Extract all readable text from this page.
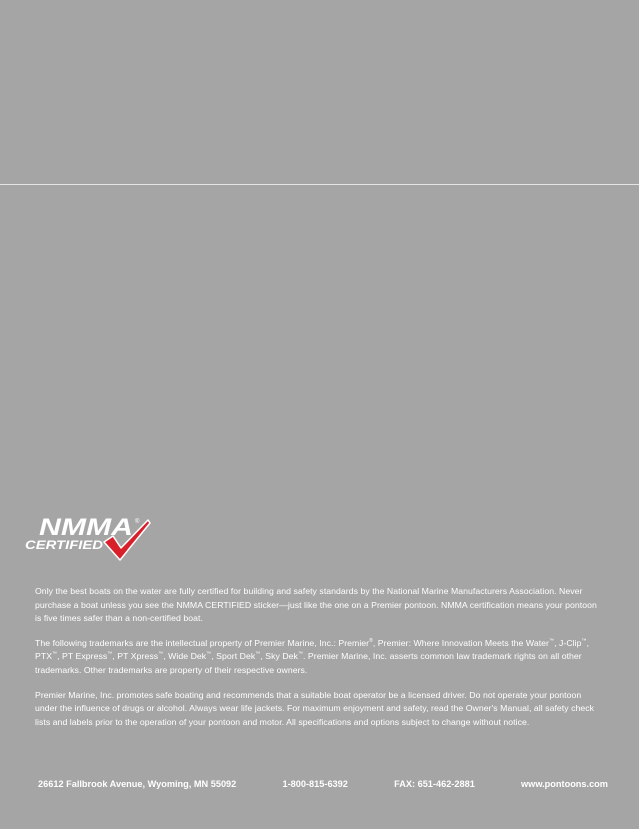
NMMA ®
CERTIFIED

Only the best boats on the water are fully certified for building and safety standards by the National Marine Manufacturers Association. Never purchase a boat unless you see the NMMA CERTIFIED sticker—just like the one on a Premier pontoon. NMMA certification means your pontoon is five times safer than a non-certified boat.

The following trademarks are the intellectual property of Premier Marine, Inc.: Premier®, Premier: Where Innovation Meets the Water™, J-Clip™, PTX™, PT Express™, PT Xpress™, Wide Dek™, Sport Dek™, Sky Dek™. Premier Marine, Inc. asserts common law trademark rights on all other trademarks. Other trademarks are property of their respective owners.

Premier Marine, Inc. promotes safe boating and recommends that a suitable boat operator be a licensed driver. Do not operate your pontoon under the influence of drugs or alcohol. Always wear life jackets. For maximum enjoyment and safety, read the Owner's Manual, all safety check lists and labels prior to the operation of your pontoon and motor. All specifications and options subject to change without notice.

26612 Fallbrook Avenue, Wyoming, MN 55092	1-800-815-6392	FAX: 651-462-2881	www.pontoons.com
